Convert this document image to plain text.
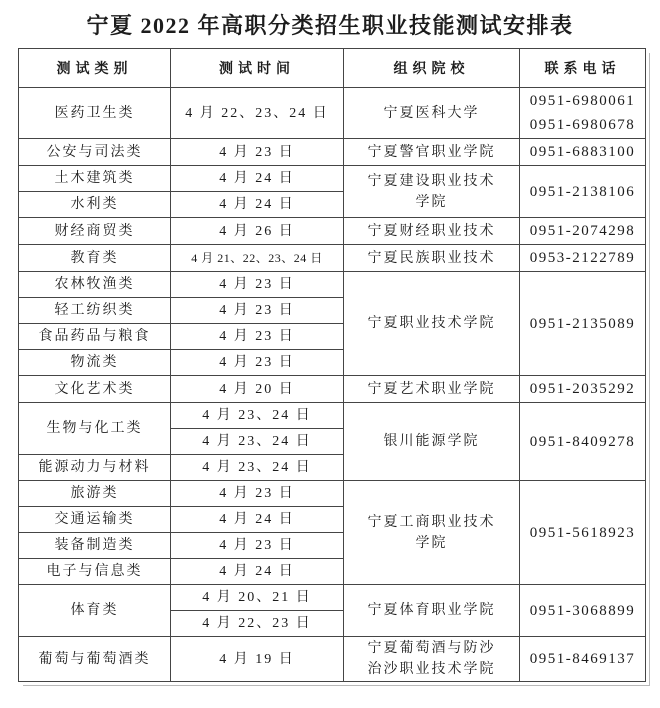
宁夏 2022 年高职分类招生职业技能测试安排表
测试类别	测试时间	组织院校	联系电话

医药卫生类	4 月 22、23、24 日	宁夏医科大学	0951-6980061
0951-6980678

公安与司法类	4 月 23 日	宁夏警官职业学院	0951-6883100

土木建筑类	4 月 24 日	宁夏建设职业技术
学院	0951-2138106

水利类	4 月 24 日		

财经商贸类	4 月 26 日	宁夏财经职业技术	0951-2074298

教育类	4 月 21、22、23、24 日	宁夏民族职业技术	0953-2122789

农林牧渔类	4 月 23 日	宁夏职业技术学院	0951-2135089

轻工纺织类	4 月 23 日		

食品药品与粮食	4 月 23 日		

物流类	4 月 23 日		

文化艺术类	4 月 20 日	宁夏艺术职业学院	0951-2035292

生物与化工类	4 月 23、24 日	银川能源学院	0951-8409278

	4 月 23、24 日		

能源动力与材料	4 月 23、24 日		

旅游类	4 月 23 日	宁夏工商职业技术
学院	0951-5618923

交通运输类	4 月 24 日		

装备制造类	4 月 23 日		

电子与信息类	4 月 24 日		

体育类	4 月 20、21 日	宁夏体育职业学院	0951-3068899

	4 月 22、23 日		

葡萄与葡萄酒类	4 月 19 日	宁夏葡萄酒与防沙
治沙职业技术学院	0951-8469137
